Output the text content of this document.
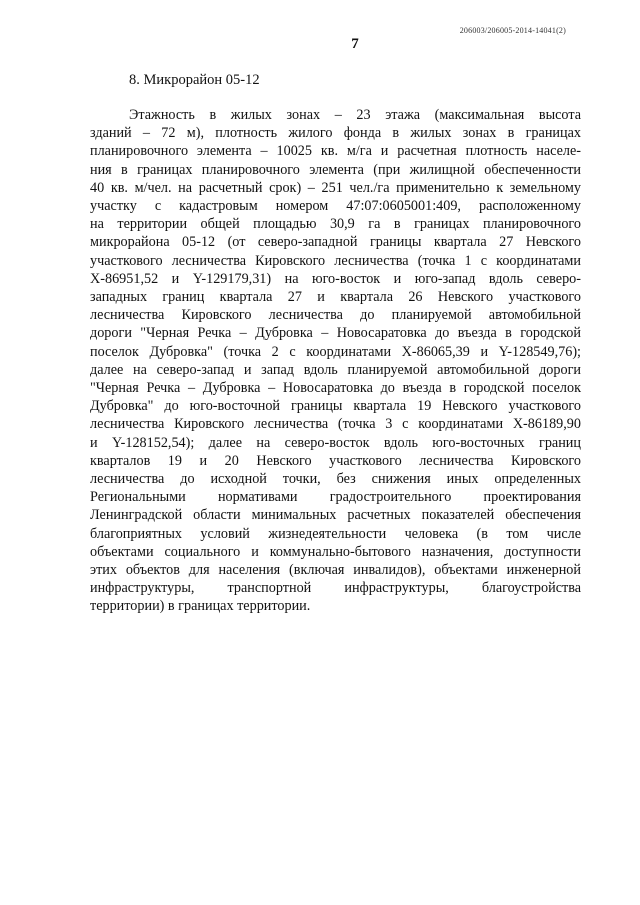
206003/206005-2014-14041(2)
7
8. Микрорайон 05-12
Этажность в жилых зонах – 23 этажа (максимальная высота
зданий – 72 м), плотность жилого фонда в жилых зонах в границах
планировочного элемента – 10025 кв. м/га и расчетная плотность населе-
ния в границах планировочного элемента (при жилищной обеспеченности
40 кв. м/чел. на расчетный срок) – 251 чел./га применительно к земельному
участку с кадастровым номером 47:07:0605001:409, расположенному
на территории общей площадью 30,9 га в границах планировочного
микрорайона 05-12 (от северо-западной границы квартала 27 Невского
участкового лесничества Кировского лесничества (точка 1 с координатами
Х-86951,52 и Y-129179,31) на юго-восток и юго-запад вдоль северо-
западных границ квартала 27 и квартала 26 Невского участкового
лесничества Кировского лесничества до планируемой автомобильной
дороги "Черная Речка – Дубровка – Новосаратовка до въезда в городской
поселок Дубровка" (точка 2 с координатами Х-86065,39 и Y-128549,76);
далее на северо-запад и запад вдоль планируемой автомобильной дороги
"Черная Речка – Дубровка – Новосаратовка до въезда в городской поселок
Дубровка" до юго-восточной границы квартала 19 Невского участкового
лесничества Кировского лесничества (точка 3 с координатами Х-86189,90
и Y-128152,54); далее на северо-восток вдоль юго-восточных границ
кварталов 19 и 20 Невского участкового лесничества Кировского
лесничества до исходной точки, без снижения иных определенных
Региональными нормативами градостроительного проектирования
Ленинградской области минимальных расчетных показателей обеспечения
благоприятных условий жизнедеятельности человека (в том числе
объектами социального и коммунально-бытового назначения, доступности
этих объектов для населения (включая инвалидов), объектами инженерной
инфраструктуры, транспортной инфраструктуры, благоустройства
территории) в границах территории.
